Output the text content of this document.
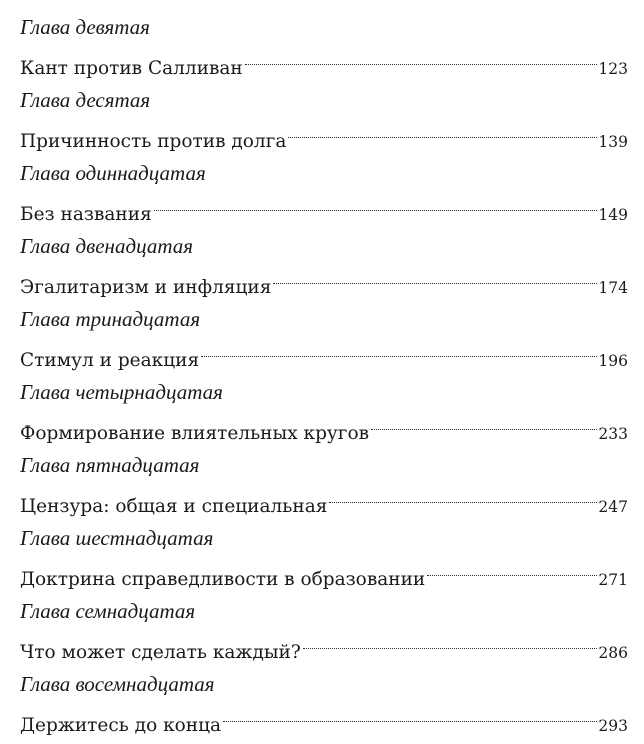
Глава девятая
Кант против Салливан	123
Глава десятая
Причинность против долга	139
Глава одиннадцатая
Без названия	149
Глава двенадцатая
Эгалитаризм и инфляция	174
Глава тринадцатая
Стимул и реакция	196
Глава четырнадцатая
Формирование влиятельных кругов	233
Глава пятнадцатая
Цензура: общая и специальная	247
Глава шестнадцатая
Доктрина справедливости в образовании	271
Глава семнадцатая
Что может сделать каждый?	286
Глава восемнадцатая
Держитесь до конца	293
